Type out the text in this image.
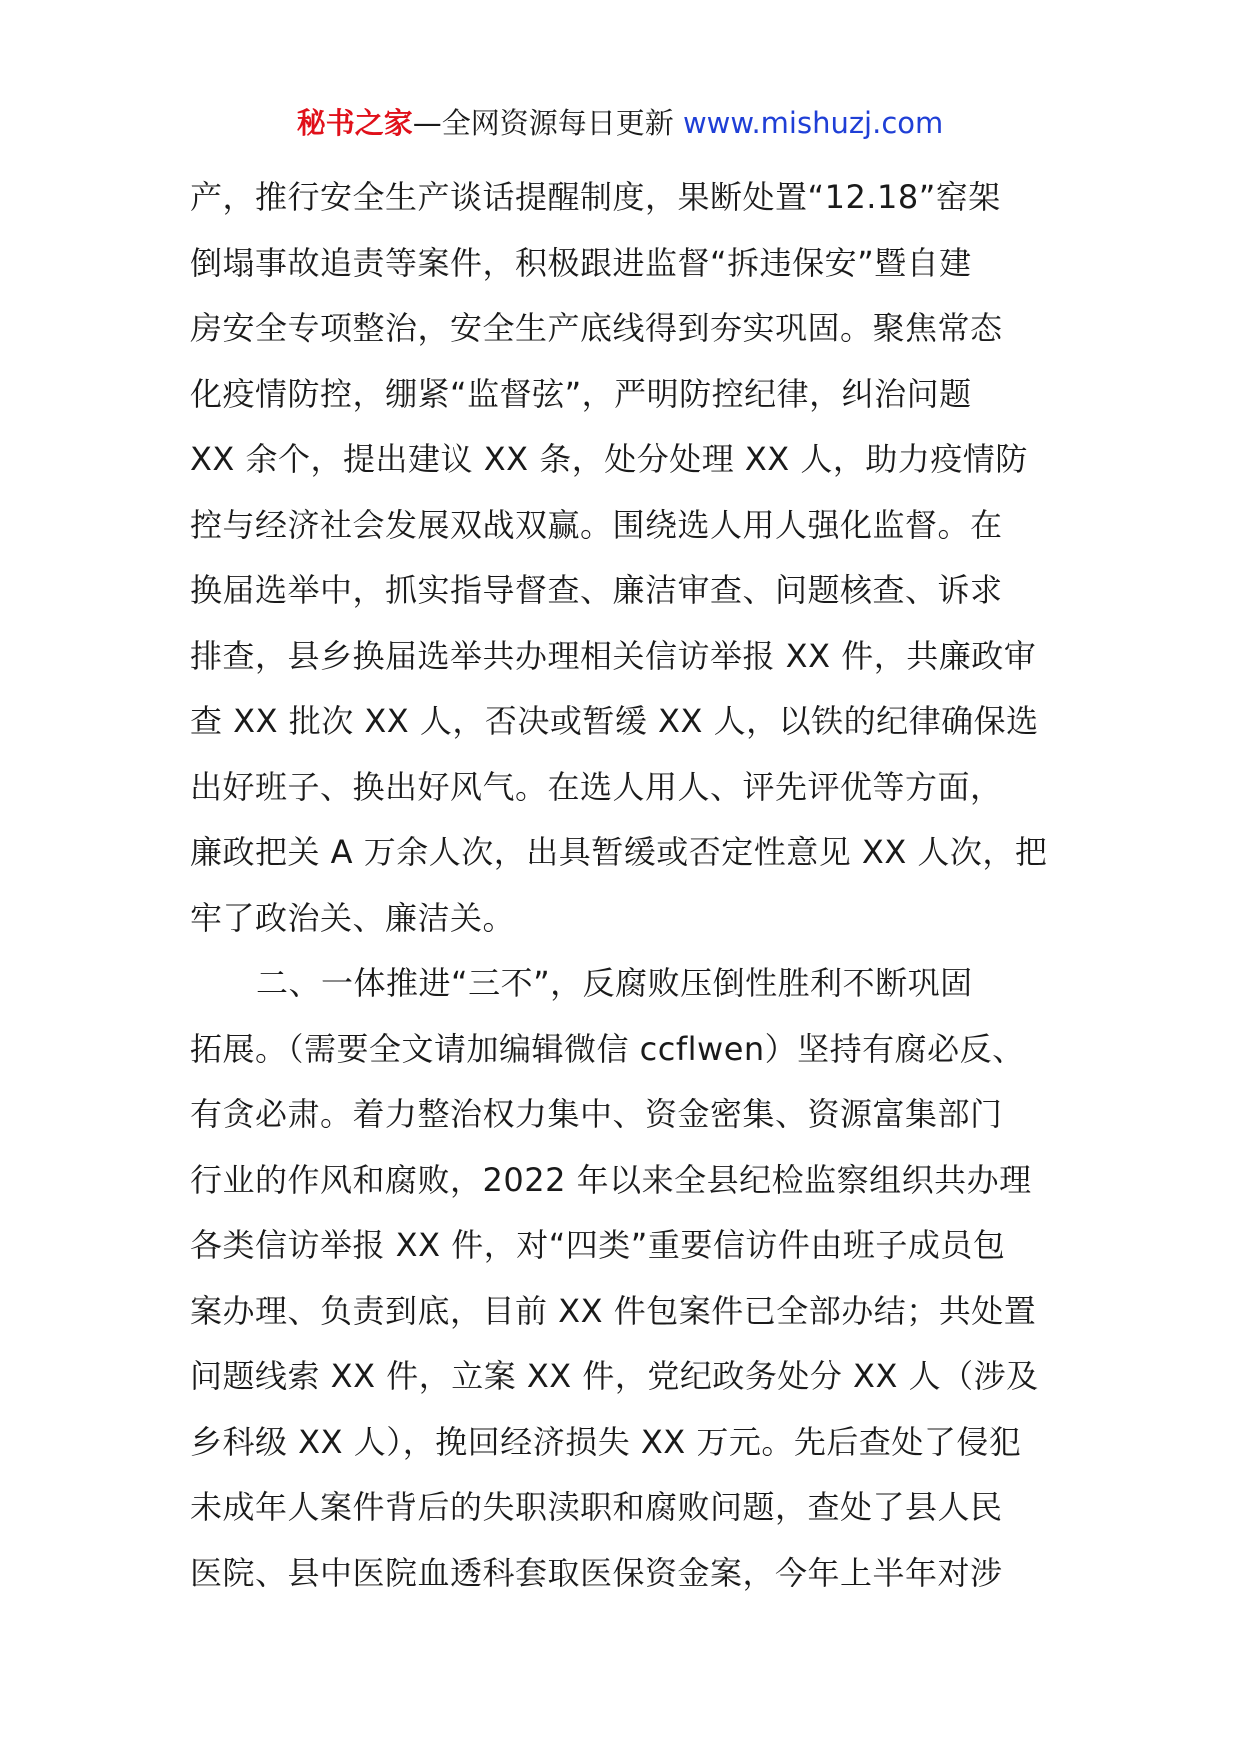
秘书之家—全网资源每日更新 www.mishuzj.com
产，推行安全生产谈话提醒制度，果断处置“12.18”窑架
倒塌事故追责等案件，积极跟进监督“拆违保安”暨自建
房安全专项整治，安全生产底线得到夯实巩固。聚焦常态
化疫情防控，绷紧“监督弦”，严明防控纪律，纠治问题
XX 余个，提出建议 XX 条，处分处理 XX 人，助力疫情防
控与经济社会发展双战双赢。围绕选人用人强化监督。在
换届选举中，抓实指导督查、廉洁审查、问题核查、诉求
排查，县乡换届选举共办理相关信访举报 XX 件，共廉政审
查 XX 批次 XX 人，否决或暂缓 XX 人，以铁的纪律确保选
出好班子、换出好风气。在选人用人、评先评优等方面，
廉政把关 A 万余人次，出具暂缓或否定性意见 XX 人次，把
牢了政治关、廉洁关。
二、一体推进“三不”，反腐败压倒性胜利不断巩固
拓展。（需要全文请加编辑微信 ccflwen）坚持有腐必反、
有贪必肃。着力整治权力集中、资金密集、资源富集部门
行业的作风和腐败，2022 年以来全县纪检监察组织共办理
各类信访举报 XX 件，对“四类”重要信访件由班子成员包
案办理、负责到底，目前 XX 件包案件已全部办结；共处置
问题线索 XX 件，立案 XX 件，党纪政务处分 XX 人（涉及
乡科级 XX 人），挽回经济损失 XX 万元。先后查处了侵犯
未成年人案件背后的失职渎职和腐败问题，查处了县人民
医院、县中医院血透科套取医保资金案，今年上半年对涉
